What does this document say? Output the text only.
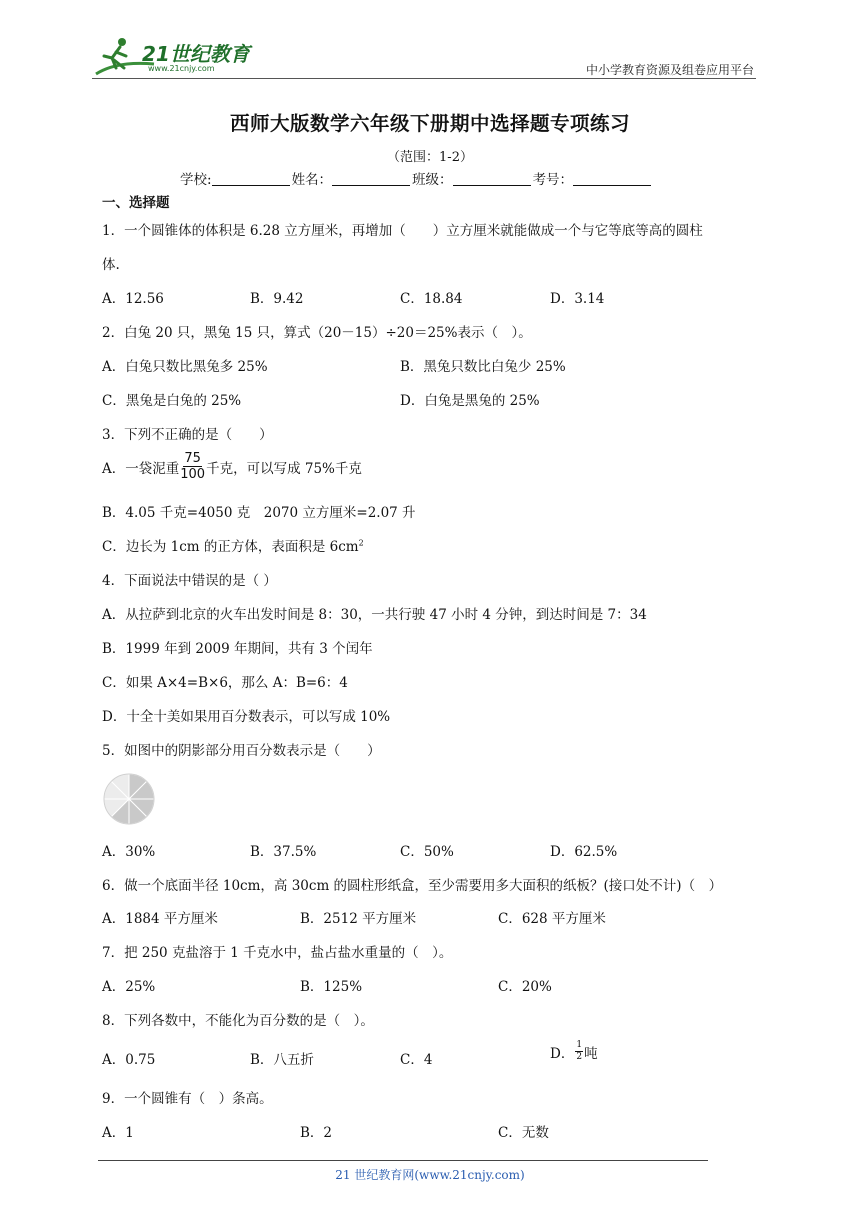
21世纪教育
www.21cnjy.com	中小学教育资源及组卷应用平台
西师大版数学六年级下册期中选择题专项练习
（范围：1-2）
学校:	姓名：	班级：	考号：
一、选择题
1．一个圆锥体的体积是 6.28 立方厘米，再增加（　　）立方厘米就能做成一个与它等底等高的圆柱
体.
A．12.56	B．9.42	C．18.84	D．3.14
2．白兔 20 只，黑兔 15 只，算式（20－15）÷20＝25%表示（　）。
A．白兔只数比黑兔多 25%	B．黑兔只数比白兔少 25%
C．黑兔是白兔的 25%	D．白兔是黑兔的 25%
3．下列不正确的是（　　）
A．一袋泥重 $\frac{75}{100}$ 千克，可以写成 75%千克
B．4.05 千克=4050 克　2070 立方厘米=2.07 升
C．边长为 1cm 的正方体，表面积是 $6cm^2$
4．下面说法中错误的是（ ）
A．从拉萨到北京的火车出发时间是 8：30，一共行驶 47 小时 4 分钟，到达时间是 7：34
B．1999 年到 2009 年期间，共有 3 个闰年
C．如果 A×4=B×6，那么 A：B=6：4
D．十全十美如果用百分数表示，可以写成 10%
5．如图中的阴影部分用百分数表示是（　　）
A．30%	B．37.5%	C．50%	D．62.5%
6．做一个底面半径 10cm，高 30cm 的圆柱形纸盒，至少需要用多大面积的纸板？(接口处不计)（　）
A．1884 平方厘米	B．2512 平方厘米	C．628 平方厘米
7．把 250 克盐溶于 1 千克水中，盐占盐水重量的（　）。
A．25%	B．125%	C．20%
8．下列各数中，不能化为百分数的是（　）。
A．0.75	B．八五折	C．4	D． $\frac{1}{2}$ 吨
9．一个圆锥有（　）条高。
A．1	B．2	C．无数
21 世纪教育网(www.21cnjy.com)
